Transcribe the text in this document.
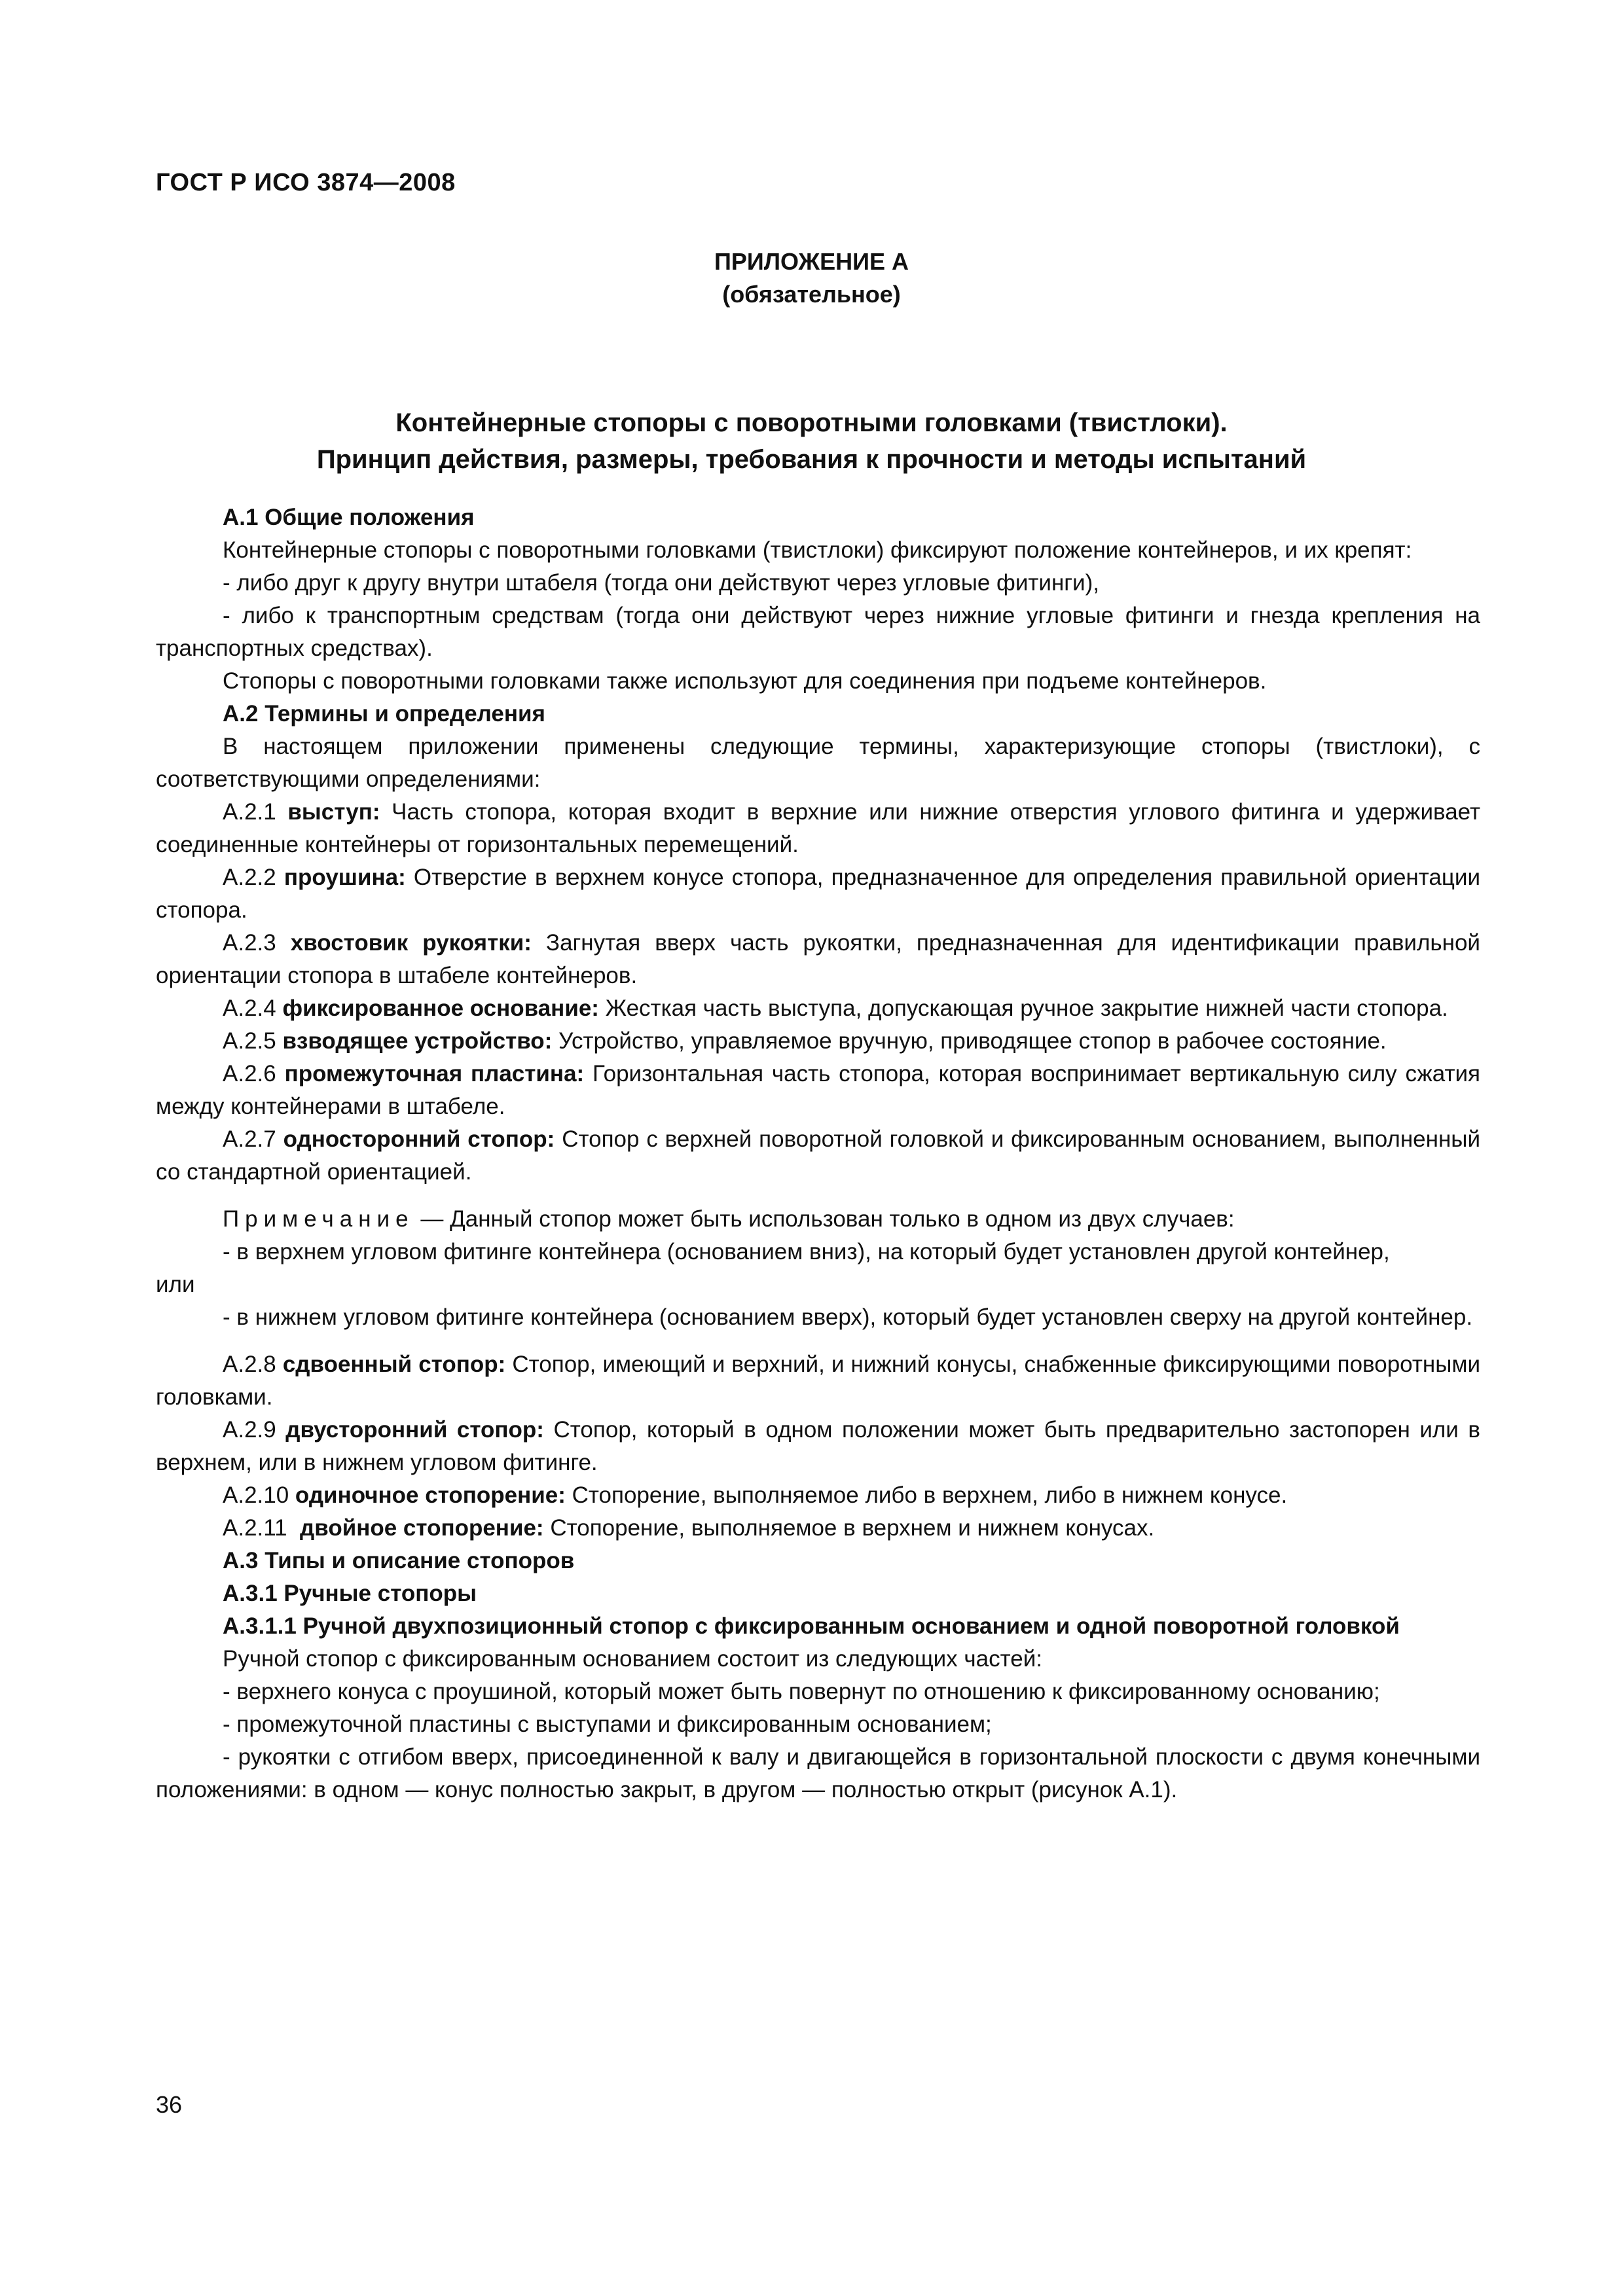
ГОСТ Р ИСО 3874—2008
ПРИЛОЖЕНИЕ А
(обязательное)
Контейнерные стопоры с поворотными головками (твистлоки).
Принцип действия, размеры, требования к прочности и методы испытаний

А.1 Общие положения

Контейнерные стопоры с поворотными головками (твистлоки) фиксируют положение контейнеров, и их крепят:

- либо друг к другу внутри штабеля (тогда они действуют через угловые фитинги),

- либо к транспортным средствам (тогда они действуют через нижние угловые фитинги и гнезда крепления на транспортных средствах).

Стопоры с поворотными головками также используют для соединения при подъеме контейнеров.

А.2 Термины и определения

В настоящем приложении применены следующие термины, характеризующие стопоры (твистлоки), с соответствующими определениями:

А.2.1 выступ: Часть стопора, которая входит в верхние или нижние отверстия углового фитинга и удерживает соединенные контейнеры от горизонтальных перемещений.

А.2.2 проушина: Отверстие в верхнем конусе стопора, предназначенное для определения правильной ориентации стопора.

А.2.3 хвостовик рукоятки: Загнутая вверх часть рукоятки, предназначенная для идентификации правильной ориентации стопора в штабеле контейнеров.

А.2.4 фиксированное основание: Жесткая часть выступа, допускающая ручное закрытие нижней части стопора.

А.2.5 взводящее устройство: Устройство, управляемое вручную, приводящее стопор в рабочее состояние.

А.2.6 промежуточная пластина: Горизонтальная часть стопора, которая воспринимает вертикальную силу сжатия между контейнерами в штабеле.

А.2.7 односторонний стопор: Стопор с верхней поворотной головкой и фиксированным основанием, выполненный со стандартной ориентацией.

Примечание — Данный стопор может быть использован только в одном из двух случаев:

- в верхнем угловом фитинге контейнера (основанием вниз), на который будет установлен другой контейнер,

или

- в нижнем угловом фитинге контейнера (основанием вверх), который будет установлен сверху на другой контейнер.

А.2.8 сдвоенный стопор: Стопор, имеющий и верхний, и нижний конусы, снабженные фиксирующими поворотными головками.

А.2.9 двусторонний стопор: Стопор, который в одном положении может быть предварительно застопорен или в верхнем, или в нижнем угловом фитинге.

А.2.10 одиночное стопорение: Стопорение, выполняемое либо в верхнем, либо в нижнем конусе.

А.2.11  двойное стопорение: Стопорение, выполняемое в верхнем и нижнем конусах.

А.3 Типы и описание стопоров

А.3.1 Ручные стопоры

А.3.1.1 Ручной двухпозиционный стопор с фиксированным основанием и одной поворотной головкой

Ручной стопор с фиксированным основанием состоит из следующих частей:

- верхнего конуса с проушиной, который может быть повернут по отношению к фиксированному основанию;

- промежуточной пластины с выступами и фиксированным основанием;

- рукоятки с отгибом вверх, присоединенной к валу и двигающейся в горизонтальной плоскости с двумя конечными положениями: в одном — конус полностью закрыт, в другом — полностью открыт (рисунок А.1).

36
